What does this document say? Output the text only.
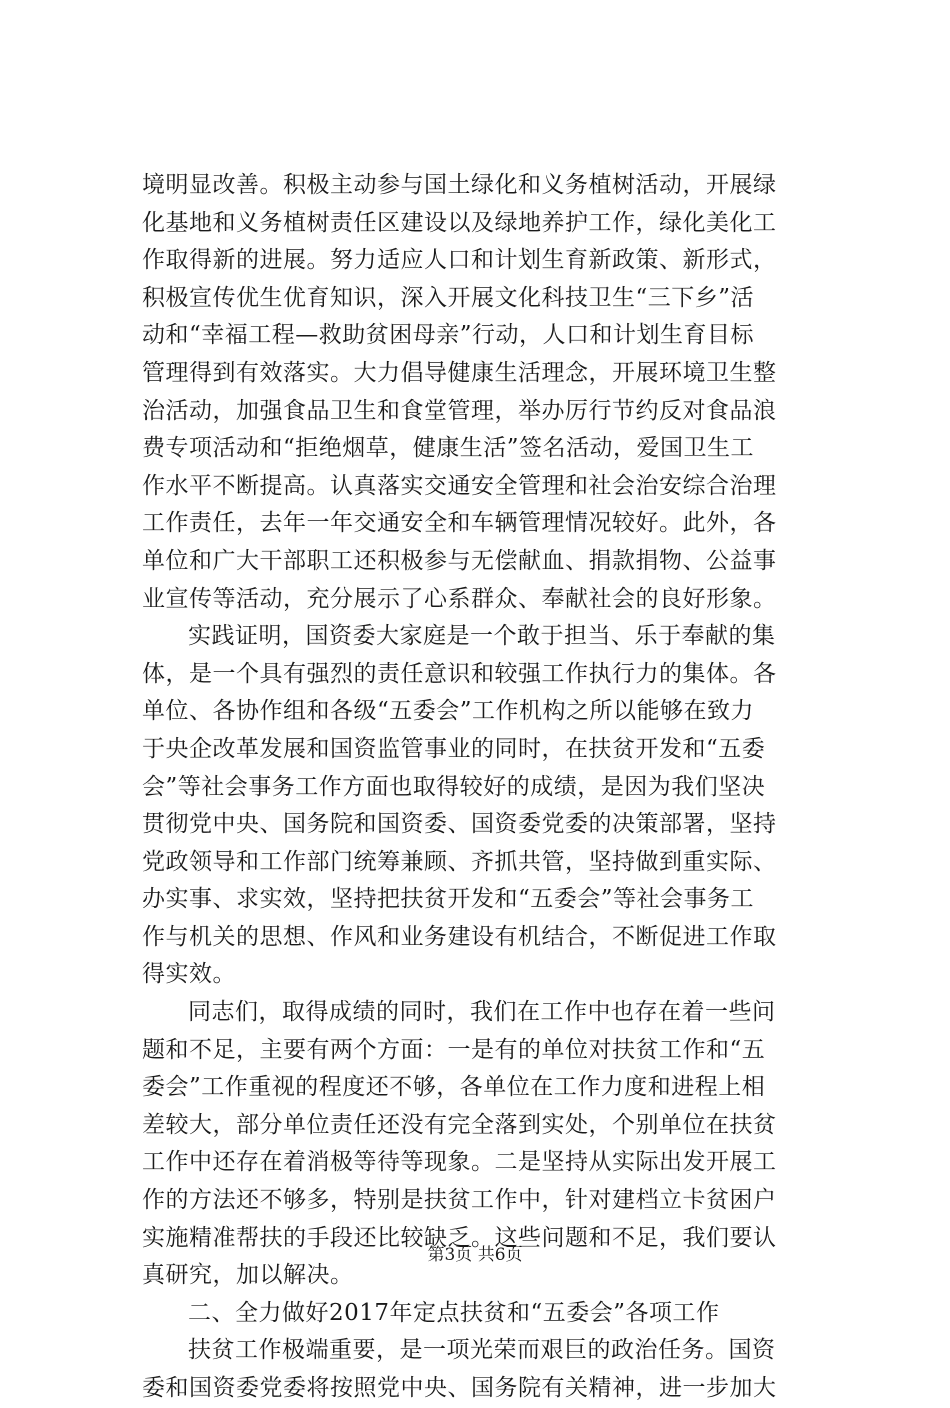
境明显改善。积极主动参与国土绿化和义务植树活动，开展绿
化基地和义务植树责任区建设以及绿地养护工作，绿化美化工
作取得新的进展。努力适应人口和计划生育新政策、新形式，
积极宣传优生优育知识，深入开展文化科技卫生“三下乡”活
动和“幸福工程—救助贫困母亲”行动，人口和计划生育目标
管理得到有效落实。大力倡导健康生活理念，开展环境卫生整
治活动，加强食品卫生和食堂管理，举办厉行节约反对食品浪
费专项活动和“拒绝烟草，健康生活”签名活动，爱国卫生工
作水平不断提高。认真落实交通安全管理和社会治安综合治理
工作责任，去年一年交通安全和车辆管理情况较好。此外，各
单位和广大干部职工还积极参与无偿献血、捐款捐物、公益事
业宣传等活动，充分展示了心系群众、奉献社会的良好形象。
实践证明，国资委大家庭是一个敢于担当、乐于奉献的集
体，是一个具有强烈的责任意识和较强工作执行力的集体。各
单位、各协作组和各级“五委会”工作机构之所以能够在致力
于央企改革发展和国资监管事业的同时，在扶贫开发和“五委
会”等社会事务工作方面也取得较好的成绩，是因为我们坚决
贯彻党中央、国务院和国资委、国资委党委的决策部署，坚持
党政领导和工作部门统筹兼顾、齐抓共管，坚持做到重实际、
办实事、求实效，坚持把扶贫开发和“五委会”等社会事务工
作与机关的思想、作风和业务建设有机结合，不断促进工作取
得实效。
同志们，取得成绩的同时，我们在工作中也存在着一些问
题和不足，主要有两个方面：一是有的单位对扶贫工作和“五
委会”工作重视的程度还不够，各单位在工作力度和进程上相
差较大，部分单位责任还没有完全落到实处，个别单位在扶贫
工作中还存在着消极等待等现象。二是坚持从实际出发开展工
作的方法还不够多，特别是扶贫工作中，针对建档立卡贫困户
实施精准帮扶的手段还比较缺乏。这些问题和不足，我们要认
真研究，加以解决。
二、全力做好2017年定点扶贫和“五委会”各项工作
扶贫工作极端重要，是一项光荣而艰巨的政治任务。国资
委和国资委党委将按照党中央、国务院有关精神，进一步加大
第3页 共6页
